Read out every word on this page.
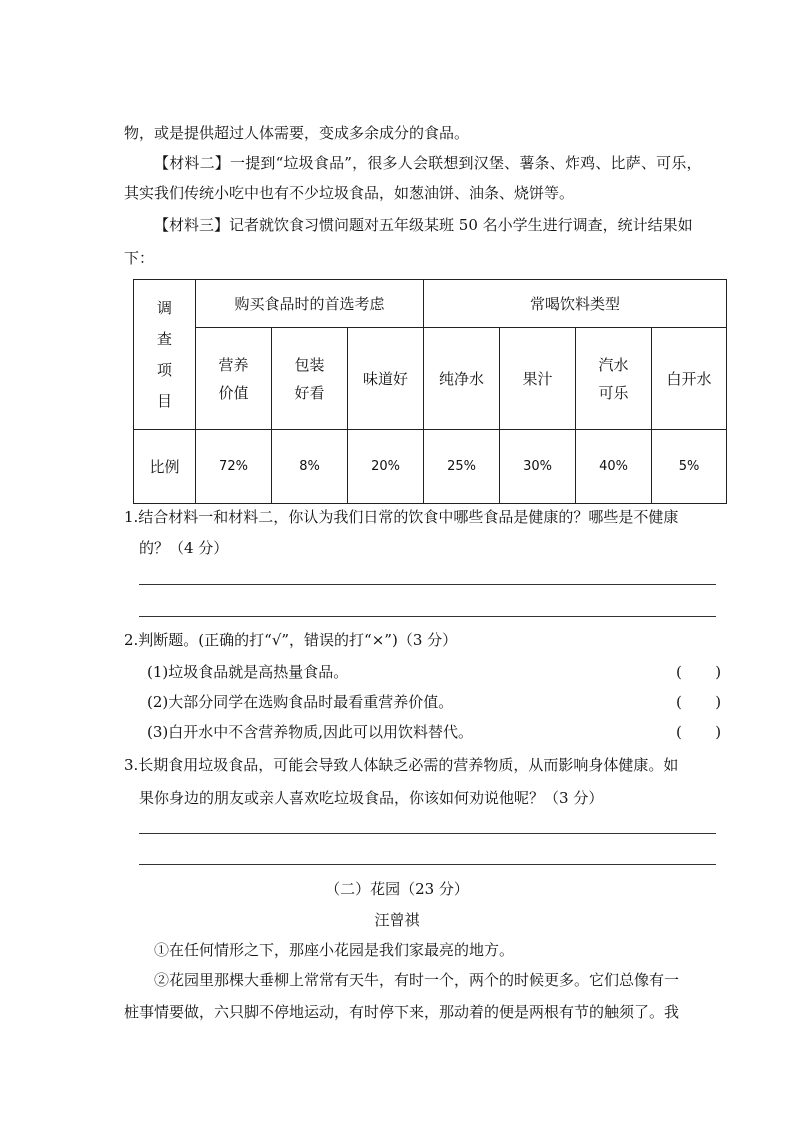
物，或是提供超过人体需要，变成多余成分的食品。
【材料二】一提到“垃圾食品”，很多人会联想到汉堡、薯条、炸鸡、比萨、可乐，
其实我们传统小吃中也有不少垃圾食品，如葱油饼、油条、烧饼等。
【材料三】记者就饮食习惯问题对五年级某班 50 名小学生进行调查，统计结果如
下：
调
查
项
目	购买食品时的首选考虑			常喝饮料类型			

	营养
价值	包装
好看	味道好	纯净水	果汁	汽水
可乐	白开水
比例	72%	8%	20%	25%	30%	40%	5%
1.结合材料一和材料二，你认为我们日常的饮食中哪些食品是健康的？哪些是不健康
的？（4 分）
2.判断题。(正确的打“√”，错误的打“×”)（3 分）
(1)垃圾食品就是高热量食品。	(       )
(2)大部分同学在选购食品时最看重营养价值。	(       )
(3)白开水中不含营养物质,因此可以用饮料替代。	(       )
3.长期食用垃圾食品，可能会导致人体缺乏必需的营养物质，从而影响身体健康。如
果你身边的朋友或亲人喜欢吃垃圾食品，你该如何劝说他呢？（3 分）
（二）花园（23 分）
汪曾祺
①在任何情形之下，那座小花园是我们家最亮的地方。
②花园里那棵大垂柳上常常有天牛，有时一个，两个的时候更多。它们总像有一
桩事情要做，六只脚不停地运动，有时停下来，那动着的便是两根有节的触须了。我
